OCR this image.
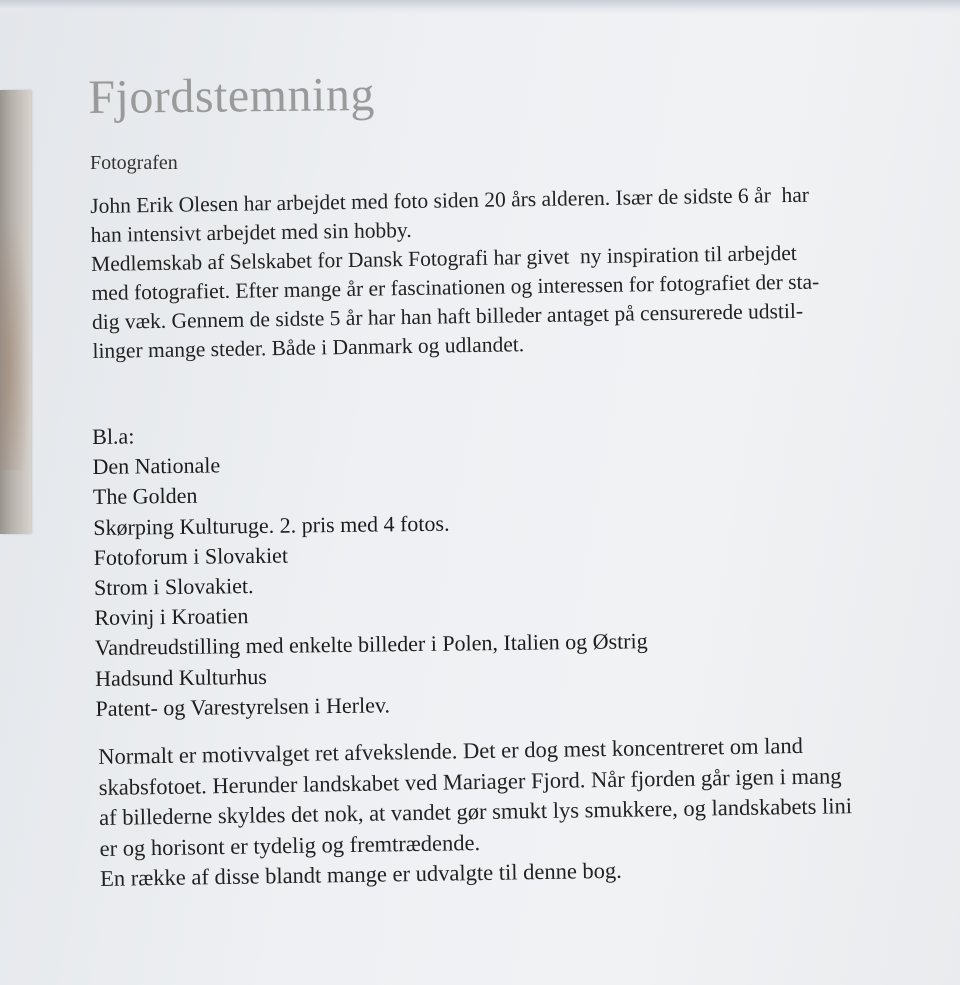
Fjordstemning
Fotografen

John Erik Olesen har arbejdet med foto siden 20 års alderen. Især de sidste 6 år  har
han intensivt arbejdet med sin hobby.
Medlemskab af Selskabet for Dansk Fotografi har givet  ny inspiration til arbejdet
med fotografiet. Efter mange år er fascinationen og interessen for fotografiet der sta-
dig væk. Gennem de sidste 5 år har han haft billeder antaget på censurerede udstil-
linger mange steder. Både i Danmark og udlandet.

Bl.a:
Den Nationale
The Golden
Skørping Kulturuge. 2. pris med 4 fotos.
Fotoforum i Slovakiet
Strom i Slovakiet.
Rovinj i Kroatien
Vandreudstilling med enkelte billeder i Polen, Italien og Østrig
Hadsund Kulturhus
Patent- og Varestyrelsen i Herlev.

Normalt er motivvalget ret afvekslende. Det er dog mest koncentreret om land
skabsfotoet. Herunder landskabet ved Mariager Fjord. Når fjorden går igen i mang
af billederne skyldes det nok, at vandet gør smukt lys smukkere, og landskabets lini
er og horisont er tydelig og fremtrædende.
En række af disse blandt mange er udvalgte til denne bog.
